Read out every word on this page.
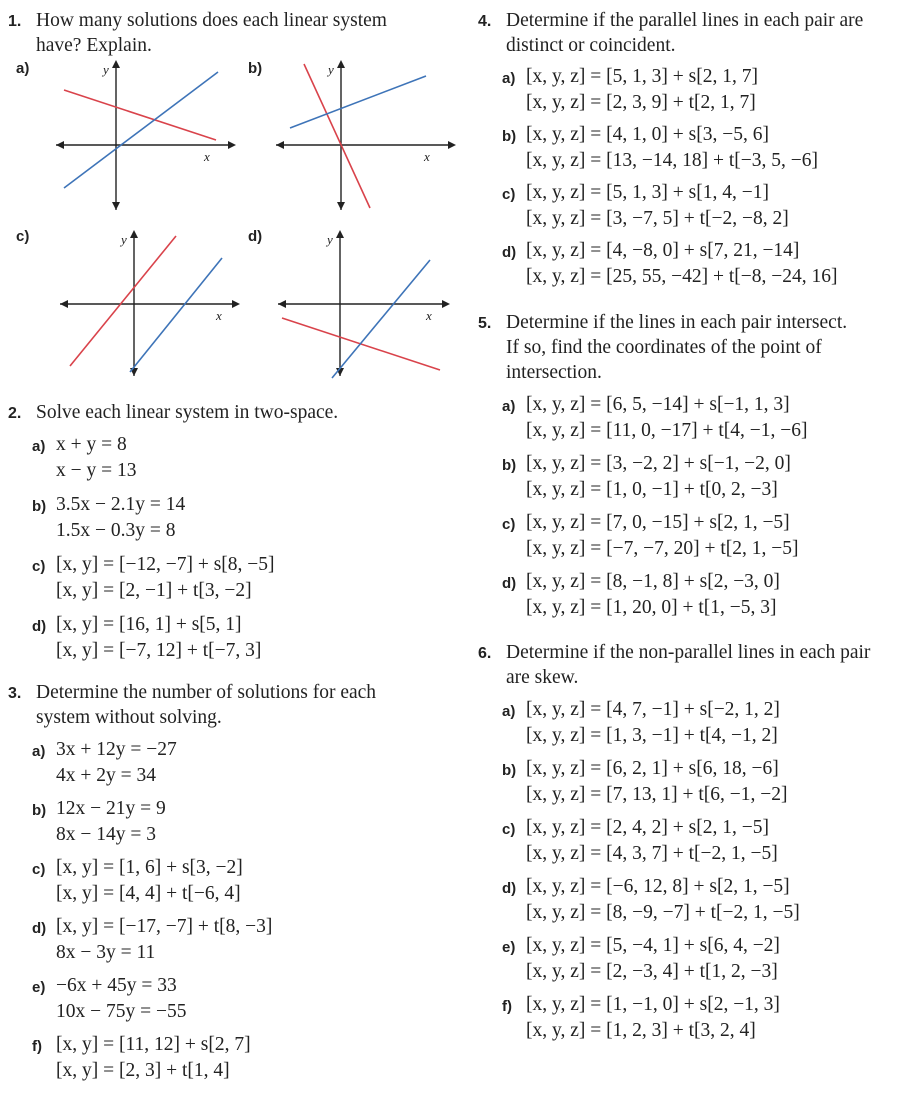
1. How many solutions does each linear system
have? Explain.
a)	y
x
b)	y
x
c)	y
x
d)	y
x
2. Solve each linear system in two-space.
a) x + y = 8
x − y = 13
b) 3.5x − 2.1y = 14
1.5x − 0.3y = 8
c) [x, y] = [−12, −7] + s[8, −5]
[x, y] = [2, −1] + t[3, −2]
d) [x, y] = [16, 1] + s[5, 1]
[x, y] = [−7, 12] + t[−7, 3]
3. Determine the number of solutions for each
system without solving.
a) 3x + 12y = −27
4x + 2y = 34
b) 12x − 21y = 9
8x − 14y = 3
c) [x, y] = [1, 6] + s[3, −2]
[x, y] = [4, 4] + t[−6, 4]
d) [x, y] = [−17, −7] + t[8, −3]
8x − 3y = 11
e) −6x + 45y = 33
10x − 75y = −55
f) [x, y] = [11, 12] + s[2, 7]
[x, y] = [2, 3] + t[1, 4]
4. Determine if the parallel lines in each pair are
distinct or coincident.
a) [x, y, z] = [5, 1, 3] + s[2, 1, 7]
[x, y, z] = [2, 3, 9] + t[2, 1, 7]
b) [x, y, z] = [4, 1, 0] + s[3, −5, 6]
[x, y, z] = [13, −14, 18] + t[−3, 5, −6]
c) [x, y, z] = [5, 1, 3] + s[1, 4, −1]
[x, y, z] = [3, −7, 5] + t[−2, −8, 2]
d) [x, y, z] = [4, −8, 0] + s[7, 21, −14]
[x, y, z] = [25, 55, −42] + t[−8, −24, 16]
5. Determine if the lines in each pair intersect.
If so, find the coordinates of the point of
intersection.
a) [x, y, z] = [6, 5, −14] + s[−1, 1, 3]
[x, y, z] = [11, 0, −17] + t[4, −1, −6]
b) [x, y, z] = [3, −2, 2] + s[−1, −2, 0]
[x, y, z] = [1, 0, −1] + t[0, 2, −3]
c) [x, y, z] = [7, 0, −15] + s[2, 1, −5]
[x, y, z] = [−7, −7, 20] + t[2, 1, −5]
d) [x, y, z] = [8, −1, 8] + s[2, −3, 0]
[x, y, z] = [1, 20, 0] + t[1, −5, 3]
6. Determine if the non-parallel lines in each pair
are skew.
a) [x, y, z] = [4, 7, −1] + s[−2, 1, 2]
[x, y, z] = [1, 3, −1] + t[4, −1, 2]
b) [x, y, z] = [6, 2, 1] + s[6, 18, −6]
[x, y, z] = [7, 13, 1] + t[6, −1, −2]
c) [x, y, z] = [2, 4, 2] + s[2, 1, −5]
[x, y, z] = [4, 3, 7] + t[−2, 1, −5]
d) [x, y, z] = [−6, 12, 8] + s[2, 1, −5]
[x, y, z] = [8, −9, −7] + t[−2, 1, −5]
e) [x, y, z] = [5, −4, 1] + s[6, 4, −2]
[x, y, z] = [2, −3, 4] + t[1, 2, −3]
f) [x, y, z] = [1, −1, 0] + s[2, −1, 3]
[x, y, z] = [1, 2, 3] + t[3, 2, 4]
